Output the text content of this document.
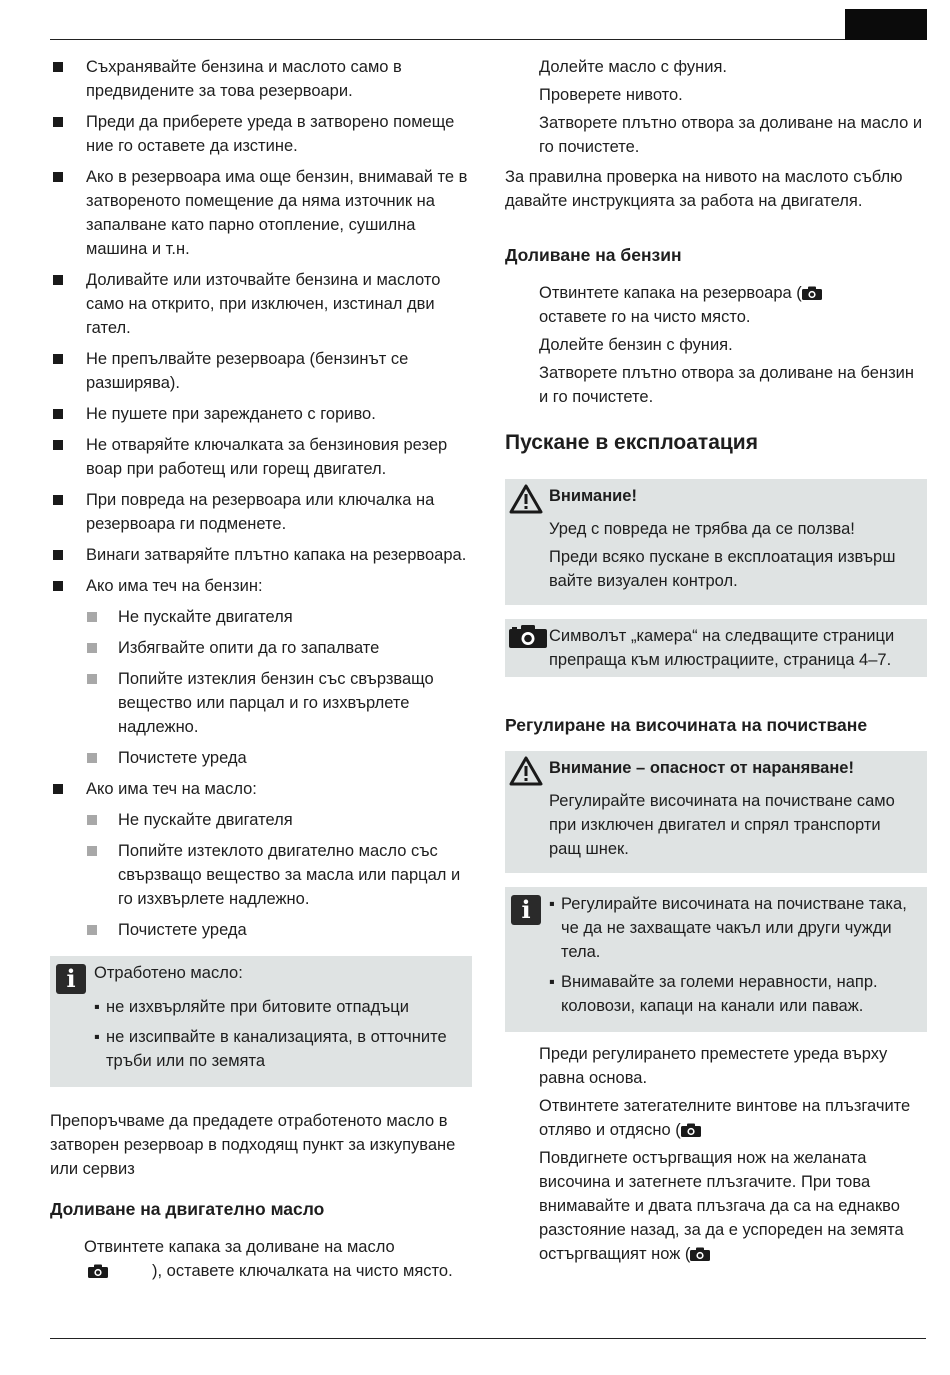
Съхранявайте бензина и маслото само в предвидените за това резервоари.
Преди да приберете уреда в затворено помеще ние го оставете да изстине.
Ако в резервоара има още бензин, внимавай те в затвореното помещение да няма източник на запалване като парно отопление, сушилна машина и т.н.
Доливайте или източвайте бензина и маслото само на открито, при изключен, изстинал дви гател.
Не препълвайте резервоара (бензинът се разширява).
Не пушете при зареждането с гориво.
Не отваряйте ключалката за бензиновия резер воар при работещ или горещ двигател.
При повреда на резервоара или ключалка на резервоара ги подменете.
Винаги затваряйте плътно капака на резервоара.
Ако има теч на бензин:
Не пускайте двигателя
Избягвайте опити да го запалвате
Попийте изтеклия бензин със свързващо вещество или парцал и го изхвърлете надлежно.
Почистете уреда
Ако има теч на масло:
Не пускайте двигателя
Попийте изтеклото двигателно масло със свързващо вещество за масла или парцал и го изхвърлете надлежно.
Почистете уреда
i	Отработено масло:
▪ не изхвърляйте при битовите отпадъци
▪ не изсипвайте в канализацията, в отточните тръби или по земята
Препоръчваме да предадете отработеното масло в затворен резервоар в подходящ пункт за изкупуване или сервиз
Доливане на двигателно масло
Отвинтете капака за доливане на масло
), оставете ключалката на чисто място.
Долейте масло с фуния.
Проверете нивото.
Затворете плътно отвора за доливане на масло и го почистете.
За правилна проверка на нивото на маслото съблю давайте инструкцията за работа на двигателя.
Доливане на бензин
Отвинтете капака на резервоара (
оставете го на чисто място.
Долейте бензин с фуния.
Затворете плътно отвора за доливане на бензин и го почистете.
Пускане в експлоатация
Внимание!
Уред с повреда не трябва да се ползва!
Преди всяко пускане в експлоатация извърш вайте визуален контрол.
Символът „камера“ на следващите страници препраща към илюстрациите, страница 4–7.
Регулиране на височината на почистване
Внимание – опасност от нараняване!
Регулирайте височината на почистване само при изключен двигател и спрял транспорти ращ шнек.
i	▪ Регулирайте височината на почистване така, че да не захващате чакъл или други чужди тела.
▪ Внимавайте за големи неравности, напр. коловози, капаци на канали или паваж.
Преди регулирането преместете уреда върху равна основа.
Отвинтете затегателните винтове на плъзгачите отляво и отдясно (
Повдигнете остъргващия нож на желаната височина и затегнете плъзгачите. При това внимавайте и двата плъзгача да са на еднакво разстояние назад, за да е успореден на земята остъргващият нож (
